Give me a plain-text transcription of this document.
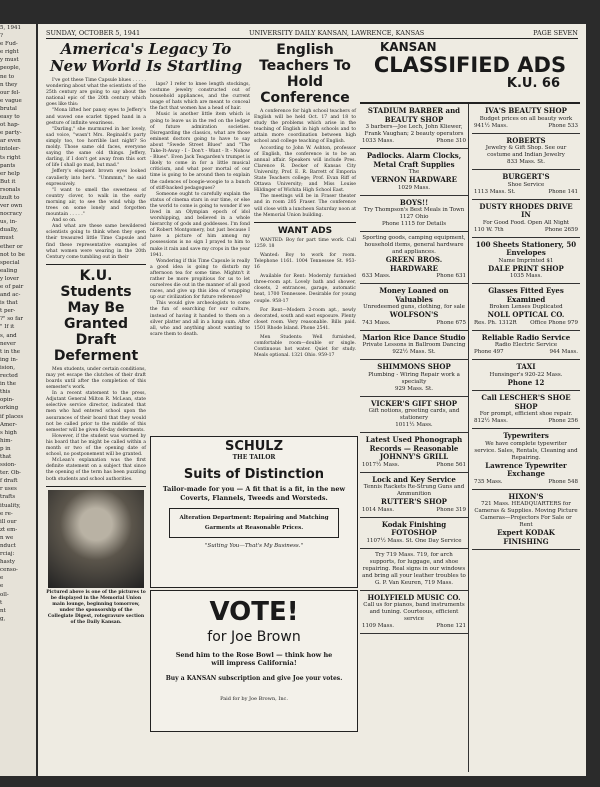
5, 1941

?

e Fud-

e right

y must

people,

ne to

n they

our fel-

e vague

brutal

easy to

ot hap-

e party-

ar even

intoler-

ts right

pants

er help

But it

rsonals

izult to

ver own

nocracy

us, in-

dually,

must

ether or

not to be

special

ealing

y lover

e of pair

and ac-

is that

t per-

?" so far

" If it

s, and

never

t in the

ing in-

ision,

rected

in the

this

opin-

orking

if places

Amer-

s high

him-

p in

that

ssion-

ter. Ob-

f draft

r uses

trafts

ituality,

e re-

ill our

zt em-

n we

nduct

rciaj:

hasty

censo-

e

e

oll-

t

nt

g,

SUNDAY, OCTOBER 5, 1941	UNIVERSITY DAILY KANSAN, LAWRENCE, KANSAS	PAGE SEVEN
America's Legacy To New World Is Startling

I've got these Time Capsule blues . . . . . wondering about what the scientists of the 25th century are going to say about the national epic of the 20th century which goes like this:

"Mona lifted her pansy eyes to Jeffery's and waved one scarlet tipped hand in a gesture of infinite weariness.

"Darling," she murmured in her lovely, sad voice, "wasn't Mrs. Reginald's party simply too, too horrible last night? So moldy. Those same old faces, everyone saying the same old things. Jeffery, darling, if I don't get away from this sort of life I shall go mad, but mad."

Jeffery's eloquent brown eyes looked cavalierly into her's. "Ummmm," he said expressively.

"I want to smell the sweetness of country clover, to walk in the early morning air, to see the wind whip the trees on some lonely and forgotten mountain . . . . ."

And so on.

And what are these same bewildered scientists going to think when they open their treasured little Time Capsule and find these representative examples of what women were wearing in the 20th Century come tumbling out in their

K.U. Students May Be Granted Draft Deferment

Men students, under certain conditions, may yet escape the clutches of their draft boards until after the completion of this semester's work.

In a recent statement to the press, Adjutant General Milton R. McLean, state selective service director, indicated that men who had entered school upon the assurances of their board that they would not be called prior to the middle of this semester will be given 60-day deferments.

However, if the student was warned by his board that he might be called within a month or two of the opening date of school, no postponement will be granted.

McLean's explanation was the first definite statement on a subject that since the opening of the term has been puzzling both students and school authorities.

Pictured above is one of the pictures to be displayed in the Memorial Union main lounge, beginning tomorrow, under the sponsorship of the Collegiate Digest, rotogravure section of the Daily Kansan.

laps? I refer to knee length stockings, costume jewelry constructed out of household appliances, and the current usage of hats which are meant to conceal the fact that women has a head of hair.

Music is another little item which is going to leave us in the red on the ledger of future admiration societies. Disregarding the classics, what are those eminent doctors going to have to say about "Swede Street Blues" and "The Take-It-Away - I - Don't - Want - It - Nohow - Blues". Even Jack Teagarden's trumpet is likely to come in for a little musical criticism, and what poor mortal of our time is going to be around then to explain the cadences of boogie-woogie to a bunch of stiff-backed pedagogues?

Someone ought to carefully explain the status of cinema stars in our time, or else the world to come is going to wonder if we lived in an Olympian epoch of idol worshipping, and believed in a whole hierarchy of gods and goddesses. I'm fond of Robert Montgomery, but just because I have a picture of him among my possessions is no sign I prayed to him to make it rain and save my crops in the year 1941.

Wondering if this Time Capsule is really a good idea is going to disturb my afternoon tea for some time. Mightn't it rather be more propitious for us to let ourselves die out in the manner of all good races, and give up this idea of wrapping up our civilization for future reference?

This would give archeologists to come the fun of searching for our culture, instead of having it handed to them on a silver platter and all in a lump sum. After all, who and anything about wanting to scare them to death.

English Teachers To Hold Conference

A conference for high school teachers of English will be held Oct. 17 and 18 to study the problems which arise in the teaching of English in high schools and to attain more coordination between high school and college teaching of English.

According to John W. Ashton, professor of English, the conference is to be an annual affair. Speakers will include Pres. Clarence R. Decker of Kansas City University, Prof. E. R. Barrett of Emporia State Teachers college; Prof. Evan Riff of Ottawa University; and Miss Louise Hildinger of Wichita High School East.

The meetings will be in Fraser theater and in room 205 Fraser. The conference will close with a luncheon Saturday noon at the Memorial Union building.

WANT ADS

WANTED: Boy for part time work. Call 1259. 18

Wanted: Boy to work for room. Telephone 1161. 1004 Tennessee St. 953-16

Available for Rent: Modernly furnished three-room apt. Lovely bath and shower, closets, 2 entrances, garage, automatic heat, 1700 Tennessee. Desirable for young couple. 958-17

For Rent—Modern 2-room apt., newly decorated, south and east exposure. Plenty closet room. Very reasonable. Bills paid. 1501 Rhode Island. Phone 2541.

Men Students: Well furnished, comfortable room—double or single. Continuous hot water. Quiet for study. Meals optional. 1321 Ohio. 959-17

SCHULZ
THE TAILOR
Suits of Distinction
Tailor-made for you — A fit that is a fit, in the new Coverts, Flannels, Tweeds and Worsteds.
Alteration Department: Repairing and Matching
Garments at Reasonable Prices.
"Suiting You—That's My Business."
VOTE!
for Joe Brown
Send him to the Rose Bowl — think how he
will impress California!
Buy a KANSAN subscription and give Joe your votes.
Paid for by Joe Brown, Inc.
KANSAN
CLASSIFIED ADS
K.U. 66
STADIUM BARBER and BEAUTY SHOP
3 barbers—Joe Lech, John Kliewer, Frank Vaughan; 2 beauty operators
1033 Mass.	Phone 310
Padlocks. Alarm Clocks, Metal Craft Supplies
The
VERNON HARDWARE
1029 Mass.
BOYS!!
Try Thompson's Best Meals in Town 1127 Ohio
Phone 1115 for Details
Sporting goods, camping equipment, household items, general hardware and appliances.
GREEN BROS. HARDWARE
633 Mass.	Phone 631
Money Loaned on Valuables
Unredeemed guns, clothing, for sale
WOLFSON'S
743 Mass.	Phone 675
Marion Rice Dance Studio
Private Lessons in Ballroom Dancing
922½ Mass. St.
SHIMMONS SHOP
Plumbing - Wiring Repair work a specialty
929 Mass. St.
VICKER'S GIFT SHOP
Gift notions, greeting cards, and stationery
1011½ Mass.
Latest Used Phonograph Records — Reasonable
JOHNNY'S GRILL
1017½ Mass.	Phone 561
Lock and Key Service
Tennis Rackets Re-Strung Guns and Ammunition
RUTTER'S SHOP
1014 Mass.	Phone 319
Kodak Finishing FOTOSHOP
1107½ Mass. St. One Day Service
Try 719 Mass. 719, for arch supports, for luggage, and shoe repairing. Real signs in our windows and bring all your leather troubles to G. P. Van Keuren, 719 Mass.
HOLYFIELD MUSIC CO.
Call us for pianos, band instruments and tuning. Courteous, efficient service
1109 Mass.	Phone 121
IVA'S BEAUTY SHOP
Budget prices on all beauty work
941½ Mass.	Phone 533
ROBERTS
Jewelry & Gift Shop. See our costume and Indian Jewelry
833 Mass. St.
BURGERT'S
Shoe Service
1113 Mass. St.	Phone 141
DUSTY RHODES DRIVE IN
For Good Food. Open All Night
110 W. 7th	Phone 2659
100 Sheets Stationery, 50 Envelopes
Name Imprinted $1
DALE PRINT SHOP
1035 Mass.
Glasses Fitted Eyes Examined
Broken Lenses Duplicated
NOLL OPTICAL CO.
Res. Ph. 1312R Office Phone 979
Reliable Radio Service
Radio Electric Service
Phone 497	944 Mass.
TAXI
Hunsinger's 920-22 Mass.
Phone 12
Call LESCHER'S SHOE SHOP
For prompt, efficient shoe repair.
812½ Mass.	Phone 256
Typewriters
We have complete typewriter service. Sales, Rentals, Cleaning and Repairing.
Lawrence Typewriter Exchange
735 Mass.	Phone 548
HIXON'S
721 Mass. HEADQUARTERS for Cameras & Supplies. Moving Picture Cameras—Projectors For Sale or Rent
Expert KODAK FINISHING
